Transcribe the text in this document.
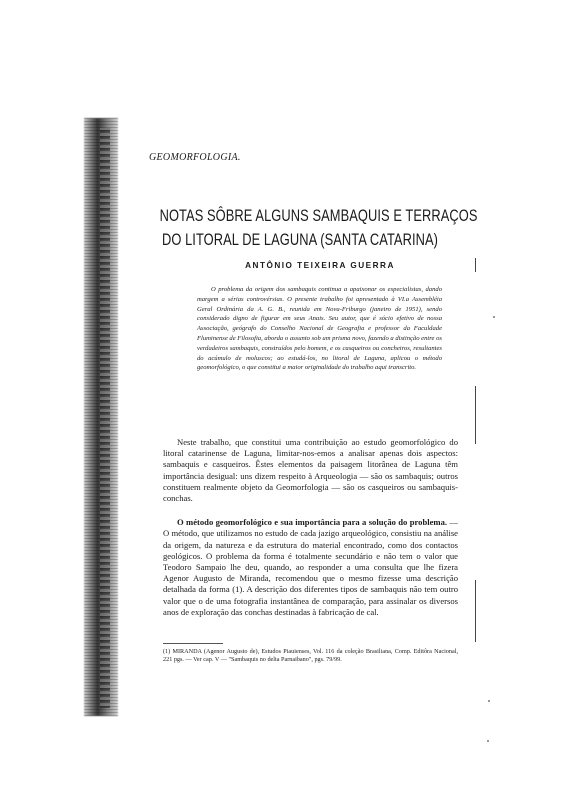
GEOMORFOLOGIA.
NOTAS SÔBRE ALGUNS SAMBAQUIS E TERRAÇOS
DO LITORAL DE LAGUNA (SANTA CATARINA)
ANTÔNIO TEIXEIRA GUERRA
O problema da origem dos sambaquis continua a apaixonar os especialistas, dando margem a sérias controvérsias. O presente trabalho foi apresentado à VI.a Assembléia Geral Ordinária da A. G. B., reunida em Nova-Friburgo (janeiro de 1951), sendo considerado digno de figurar em seus Anais. Seu autor, que é sócio efetivo de nossa Associação, geógrafo do Conselho Nacional de Geografia e professor da Faculdade Fluminense de Filosofia, aborda o assunto sob um prisma novo, fazendo a distinção entre os verdadeiros sambaquis, construídos pelo homem, e os casqueiros ou concheiros, resultantes do acúmulo de moluscos; ao estudá-los, no litoral de Laguna, aplicou o método geomorfológico, o que constitui a maior originalidade do trabalho aqui transcrito.
Neste trabalho, que constitui uma contribuição ao estudo geomorfológico do litoral catarinense de Laguna, limitar-nos-emos a analisar apenas dois aspectos: sambaquis e casqueiros. Êstes elementos da paisagem litorânea de Laguna têm importância desigual: uns dizem respeito à Arqueologia — são os sambaquis; outros constituem realmente objeto da Geomorfologia — são os casqueiros ou sambaquis-conchas.
O método geomorfológico e sua importância para a solução do problema. — O método, que utilizamos no estudo de cada jazigo arqueológico, consistiu na análise da origem, da natureza e da estrutura do material encontrado, como dos contactos geológicos. O problema da forma é totalmente secundário e não tem o valor que Teodoro Sampaio lhe deu, quando, ao responder a uma consulta que lhe fizera Agenor Augusto de Miranda, recomendou que o mesmo fizesse uma descrição detalhada da forma (1). A descrição dos diferentes tipos de sambaquis não tem outro valor que o de uma fotografia instantânea de comparação, para assinalar os diversos anos de exploração das conchas destinadas à fabricação de cal.
(1) MIRANDA (Agenor Augusto de), Estudos Piauienses, Vol. 116 da coleção Brasiliana, Comp. Editôra Nacional, 221 pgs. — Ver cap. V — "Sambaquis no delta Parnaibano", pgs. 79/99.
